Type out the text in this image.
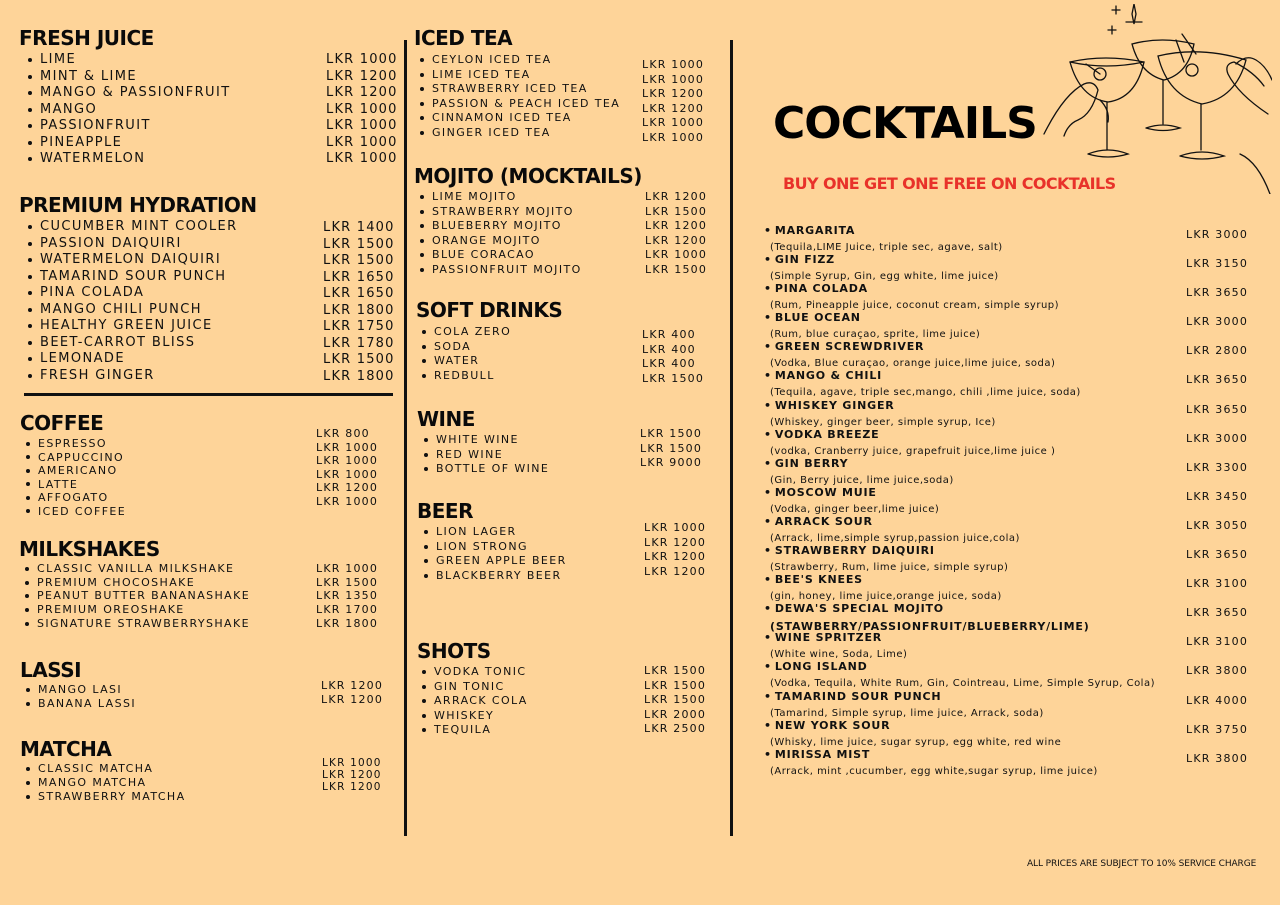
FRESH JUICE
LIME
MINT & LIME
MANGO & PASSIONFRUIT
MANGO
PASSIONFRUIT
PINEAPPLE
WATERMELON
LKR 1000
LKR 1200
LKR 1200
LKR 1000
LKR 1000
LKR 1000
LKR 1000
PREMIUM HYDRATION
CUCUMBER MINT COOLER
PASSION DAIQUIRI
WATERMELON DAIQUIRI
TAMARIND SOUR PUNCH
PINA COLADA
MANGO CHILI PUNCH
HEALTHY GREEN JUICE
BEET-CARROT BLISS
LEMONADE
FRESH GINGER
LKR 1400
LKR 1500
LKR 1500
LKR 1650
LKR 1650
LKR 1800
LKR 1750
LKR 1780
LKR 1500
LKR 1800
COFFEE
ESPRESSO
CAPPUCCINO
AMERICANO
LATTE
AFFOGATO
ICED COFFEE
LKR 800
LKR 1000
LKR 1000
LKR 1000
LKR 1200
LKR 1000
MILKSHAKES
CLASSIC VANILLA MILKSHAKE
PREMIUM CHOCOSHAKE
PEANUT BUTTER BANANASHAKE
PREMIUM OREOSHAKE
SIGNATURE STRAWBERRYSHAKE
LKR 1000
LKR 1500
LKR 1350
LKR 1700
LKR 1800
LASSI
MANGO LASI
BANANA LASSI
LKR 1200
LKR 1200
MATCHA
CLASSIC MATCHA
MANGO MATCHA
STRAWBERRY MATCHA
LKR 1000
LKR 1200
LKR 1200
ICED TEA
CEYLON ICED TEA
LIME ICED TEA
STRAWBERRY ICED TEA
PASSION & PEACH ICED TEA
CINNAMON ICED TEA
GINGER ICED TEA
LKR 1000
LKR 1000
LKR 1200
LKR 1200
LKR 1000
LKR 1000
MOJITO (MOCKTAILS)
LIME MOJITO
STRAWBERRY MOJITO
BLUEBERRY MOJITO
ORANGE MOJITO
BLUE CORACAO
PASSIONFRUIT MOJITO
LKR 1200
LKR 1500
LKR 1200
LKR 1200
LKR 1000
LKR 1500
SOFT DRINKS
COLA ZERO
SODA
WATER
REDBULL
LKR 400
LKR 400
LKR 400
LKR 1500
WINE
WHITE WINE
RED WINE
BOTTLE OF WINE
LKR 1500
LKR 1500
LKR 9000
BEER
LION LAGER
LION STRONG
GREEN APPLE BEER
BLACKBERRY BEER
LKR 1000
LKR 1200
LKR 1200
LKR 1200
SHOTS
VODKA TONIC
GIN TONIC
ARRACK COLA
WHISKEY
TEQUILA
LKR 1500
LKR 1500
LKR 1500
LKR 2000
LKR 2500
COCKTAILS
BUY ONE GET ONE FREE ON COCKTAILS
• MARGARITA
(Tequila,LIME Juice, triple sec, agave, salt)
LKR 3000
• GIN FIZZ
(Simple Syrup, Gin, egg white, lime juice)
LKR 3150
• PINA COLADA
(Rum, Pineapple juice, coconut cream, simple syrup)
LKR 3650
• BLUE OCEAN
(Rum, blue curaçao, sprite, lime juice)
LKR 3000
• GREEN SCREWDRIVER
(Vodka, Blue curaçao, orange juice,lime juice, soda)
LKR 2800
• MANGO & CHILI
(Tequila, agave, triple sec,mango, chili ,lime juice, soda)
LKR 3650
• WHISKEY GINGER
(Whiskey, ginger beer, simple syrup, Ice)
LKR 3650
• VODKA BREEZE
(vodka, Cranberry juice, grapefruit juice,lime juice )
LKR 3000
• GIN BERRY
(Gin, Berry juice, lime juice,soda)
LKR 3300
• MOSCOW MUIE
(Vodka, ginger beer,lime juice)
LKR 3450
• ARRACK SOUR
(Arrack, lime,simple syrup,passion juice,cola)
LKR 3050
• STRAWBERRY DAIQUIRI
(Strawberry, Rum, lime juice, simple syrup)
LKR 3650
• BEE'S KNEES
(gin, honey, lime juice,orange juice, soda)
LKR 3100
• DEWA'S SPECIAL MOJITO
(STAWBERRY/PASSIONFRUIT/BLUEBERRY/LIME)
LKR 3650
• WINE SPRITZER
(White wine, Soda, Lime)
LKR 3100
• LONG ISLAND
(Vodka, Tequila, White Rum, Gin, Cointreau, Lime, Simple Syrup, Cola)
LKR 3800
• TAMARIND SOUR PUNCH
(Tamarind, Simple syrup, lime juice, Arrack, soda)
LKR 4000
• NEW YORK SOUR
(Whisky, lime juice, sugar syrup, egg white, red wine
LKR 3750
• MIRISSA MIST
(Arrack, mint ,cucumber, egg white,sugar syrup, lime juice)
LKR 3800
ALL PRICES ARE SUBJECT TO 10% SERVICE CHARGE
